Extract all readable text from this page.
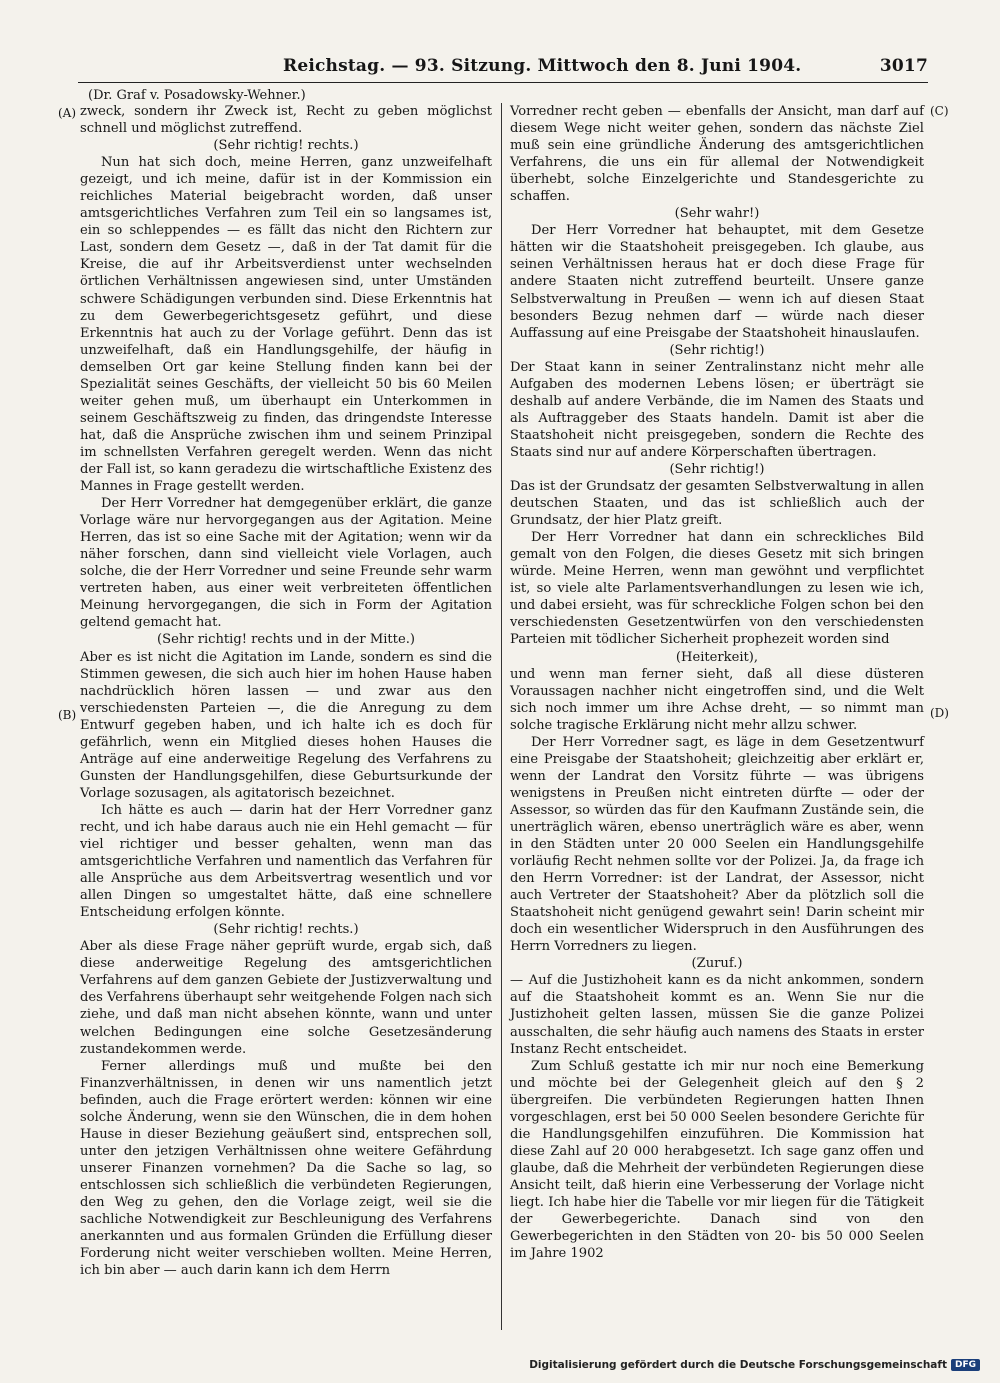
Reichstag. — 93. Sitzung. Mittwoch den 8. Juni 1904.	3017
(Dr. Graf v. Posadowsky-Wehner.)
(A)
(B)
(C)
(D)

zweck, sondern ihr Zweck ist, Recht zu geben möglichst schnell und möglichst zutreffend.

(Sehr richtig! rechts.)

Nun hat sich doch, meine Herren, ganz unzweifelhaft gezeigt, und ich meine, dafür ist in der Kommission ein reichliches Material beigebracht worden, daß unser amtsgerichtliches Verfahren zum Teil ein so langsames ist, ein so schleppendes — es fällt das nicht den Richtern zur Last, sondern dem Gesetz —, daß in der Tat damit für die Kreise, die auf ihr Arbeitsverdienst unter wechselnden örtlichen Verhältnissen angewiesen sind, unter Umständen schwere Schädigungen verbunden sind. Diese Erkenntnis hat zu dem Gewerbegerichtsgesetz geführt, und diese Erkenntnis hat auch zu der Vorlage geführt. Denn das ist unzweifelhaft, daß ein Handlungsgehilfe, der häufig in demselben Ort gar keine Stellung finden kann bei der Spezialität seines Geschäfts, der vielleicht 50 bis 60 Meilen weiter gehen muß, um überhaupt ein Unterkommen in seinem Geschäftszweig zu finden, das dringendste Interesse hat, daß die Ansprüche zwischen ihm und seinem Prinzipal im schnellsten Verfahren geregelt werden. Wenn das nicht der Fall ist, so kann geradezu die wirtschaftliche Existenz des Mannes in Frage gestellt werden.

Der Herr Vorredner hat demgegenüber erklärt, die ganze Vorlage wäre nur hervorgegangen aus der Agitation. Meine Herren, das ist so eine Sache mit der Agitation; wenn wir da näher forschen, dann sind vielleicht viele Vorlagen, auch solche, die der Herr Vorredner und seine Freunde sehr warm vertreten haben, aus einer weit verbreiteten öffentlichen Meinung hervorgegangen, die sich in Form der Agitation geltend gemacht hat.

(Sehr richtig! rechts und in der Mitte.)

Aber es ist nicht die Agitation im Lande, sondern es sind die Stimmen gewesen, die sich auch hier im hohen Hause haben nachdrücklich hören lassen — und zwar aus den verschiedensten Parteien —, die die Anregung zu dem Entwurf gegeben haben, und ich halte ich es doch für gefährlich, wenn ein Mitglied dieses hohen Hauses die Anträge auf eine anderweitige Regelung des Verfahrens zu Gunsten der Handlungsgehilfen, diese Geburtsurkunde der Vorlage sozusagen, als agitatorisch bezeichnet.

Ich hätte es auch — darin hat der Herr Vorredner ganz recht, und ich habe daraus auch nie ein Hehl gemacht — für viel richtiger und besser gehalten, wenn man das amtsgerichtliche Verfahren und namentlich das Verfahren für alle Ansprüche aus dem Arbeitsvertrag wesentlich und vor allen Dingen so umgestaltet hätte, daß eine schnellere Entscheidung erfolgen könnte.

(Sehr richtig! rechts.)

Aber als diese Frage näher geprüft wurde, ergab sich, daß diese anderweitige Regelung des amtsgerichtlichen Verfahrens auf dem ganzen Gebiete der Justizverwaltung und des Verfahrens überhaupt sehr weitgehende Folgen nach sich ziehe, und daß man nicht absehen könnte, wann und unter welchen Bedingungen eine solche Gesetzesänderung zustandekommen werde.

Ferner allerdings muß und mußte bei den Finanzverhältnissen, in denen wir uns namentlich jetzt befinden, auch die Frage erörtert werden: können wir eine solche Änderung, wenn sie den Wünschen, die in dem hohen Hause in dieser Beziehung geäußert sind, entsprechen soll, unter den jetzigen Verhältnissen ohne weitere Gefährdung unserer Finanzen vornehmen? Da die Sache so lag, so entschlossen sich schließlich die verbündeten Regierungen, den Weg zu gehen, den die Vorlage zeigt, weil sie die sachliche Notwendigkeit zur Beschleunigung des Verfahrens anerkannten und aus formalen Gründen die Erfüllung dieser Forderung nicht weiter verschieben wollten. Meine Herren, ich bin aber — auch darin kann ich dem Herrn

Vorredner recht geben — ebenfalls der Ansicht, man darf auf diesem Wege nicht weiter gehen, sondern das nächste Ziel muß sein eine gründliche Änderung des amtsgerichtlichen Verfahrens, die uns ein für allemal der Notwendigkeit überhebt, solche Einzelgerichte und Standesgerichte zu schaffen.

(Sehr wahr!)

Der Herr Vorredner hat behauptet, mit dem Gesetze hätten wir die Staatshoheit preisgegeben. Ich glaube, aus seinen Verhältnissen heraus hat er doch diese Frage für andere Staaten nicht zutreffend beurteilt. Unsere ganze Selbstverwaltung in Preußen — wenn ich auf diesen Staat besonders Bezug nehmen darf — würde nach dieser Auffassung auf eine Preisgabe der Staatshoheit hinauslaufen.

(Sehr richtig!)

Der Staat kann in seiner Zentralinstanz nicht mehr alle Aufgaben des modernen Lebens lösen; er überträgt sie deshalb auf andere Verbände, die im Namen des Staats und als Auftraggeber des Staats handeln. Damit ist aber die Staatshoheit nicht preisgegeben, sondern die Rechte des Staats sind nur auf andere Körperschaften übertragen.

(Sehr richtig!)

Das ist der Grundsatz der gesamten Selbstverwaltung in allen deutschen Staaten, und das ist schließlich auch der Grundsatz, der hier Platz greift.

Der Herr Vorredner hat dann ein schreckliches Bild gemalt von den Folgen, die dieses Gesetz mit sich bringen würde. Meine Herren, wenn man gewöhnt und verpflichtet ist, so viele alte Parlamentsverhandlungen zu lesen wie ich, und dabei ersieht, was für schreckliche Folgen schon bei den verschiedensten Gesetzentwürfen von den verschiedensten Parteien mit tödlicher Sicherheit prophezeit worden sind

(Heiterkeit),

und wenn man ferner sieht, daß all diese düsteren Voraussagen nachher nicht eingetroffen sind, und die Welt sich noch immer um ihre Achse dreht, — so nimmt man solche tragische Erklärung nicht mehr allzu schwer.

Der Herr Vorredner sagt, es läge in dem Gesetzentwurf eine Preisgabe der Staatshoheit; gleichzeitig aber erklärt er, wenn der Landrat den Vorsitz führte — was übrigens wenigstens in Preußen nicht eintreten dürfte — oder der Assessor, so würden das für den Kaufmann Zustände sein, die unerträglich wären, ebenso unerträglich wäre es aber, wenn in den Städten unter 20 000 Seelen ein Handlungsgehilfe vorläufig Recht nehmen sollte vor der Polizei. Ja, da frage ich den Herrn Vorredner: ist der Landrat, der Assessor, nicht auch Vertreter der Staatshoheit? Aber da plötzlich soll die Staatshoheit nicht genügend gewahrt sein! Darin scheint mir doch ein wesentlicher Widerspruch in den Ausführungen des Herrn Vorredners zu liegen.

(Zuruf.)

— Auf die Justizhoheit kann es da nicht ankommen, sondern auf die Staatshoheit kommt es an. Wenn Sie nur die Justizhoheit gelten lassen, müssen Sie die ganze Polizei ausschalten, die sehr häufig auch namens des Staats in erster Instanz Recht entscheidet.

Zum Schluß gestatte ich mir nur noch eine Bemerkung und möchte bei der Gelegenheit gleich auf den § 2 übergreifen. Die verbündeten Regierungen hatten Ihnen vorgeschlagen, erst bei 50 000 Seelen besondere Gerichte für die Handlungsgehilfen einzuführen. Die Kommission hat diese Zahl auf 20 000 herabgesetzt. Ich sage ganz offen und glaube, daß die Mehrheit der verbündeten Regierungen diese Ansicht teilt, daß hierin eine Verbesserung der Vorlage nicht liegt. Ich habe hier die Tabelle vor mir liegen für die Tätigkeit der Gewerbegerichte. Danach sind von den Gewerbegerichten in den Städten von 20- bis 50 000 Seelen im Jahre 1902

Digitalisierung gefördert durch die Deutsche Forschungsgemeinschaft DFG
